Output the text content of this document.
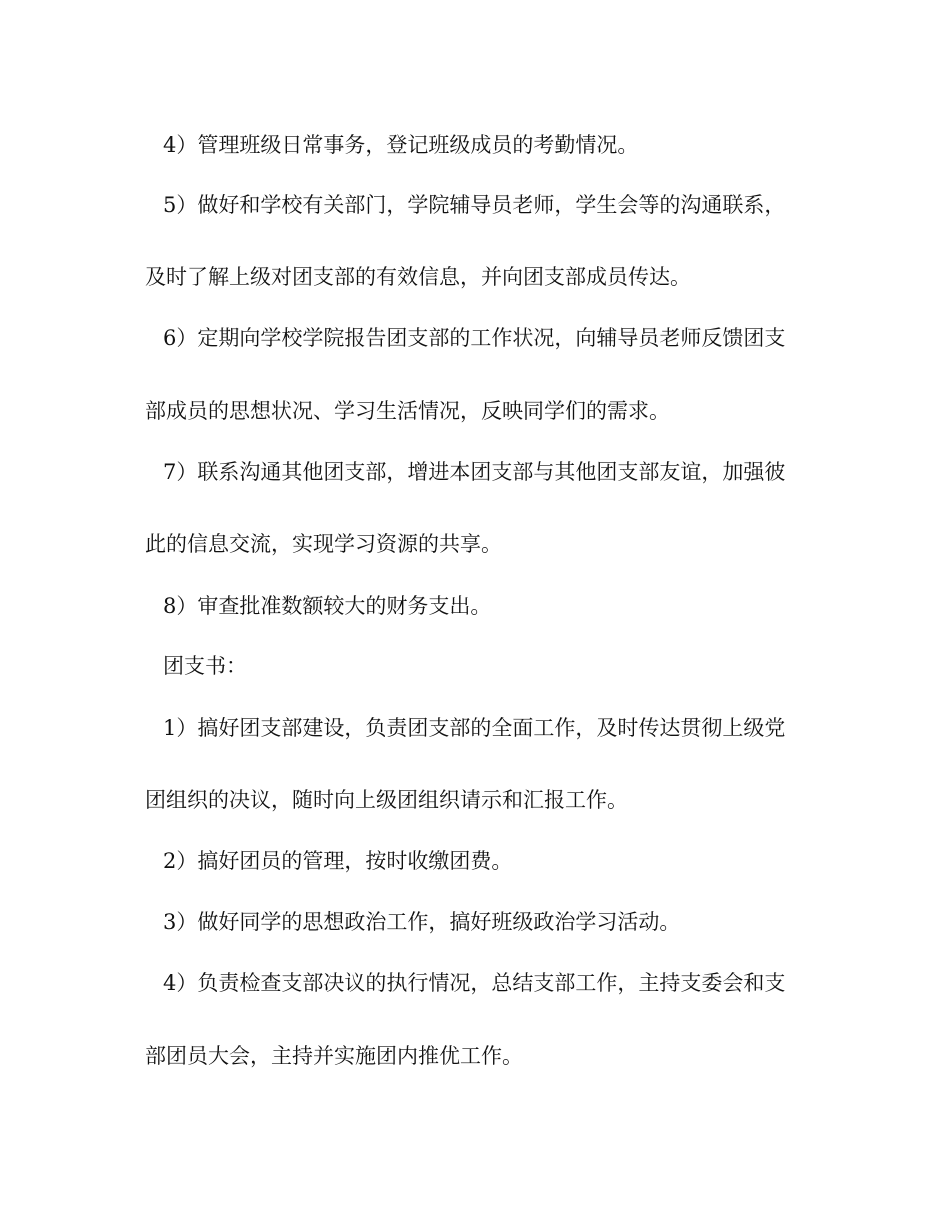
4）管理班级日常事务，登记班级成员的考勤情况。
5）做好和学校有关部门，学院辅导员老师，学生会等的沟通联系，
及时了解上级对团支部的有效信息，并向团支部成员传达。
6）定期向学校学院报告团支部的工作状况，向辅导员老师反馈团支
部成员的思想状况、学习生活情况，反映同学们的需求。
7）联系沟通其他团支部，增进本团支部与其他团支部友谊，加强彼
此的信息交流，实现学习资源的共享。
8）审查批准数额较大的财务支出。
团支书：
1）搞好团支部建设，负责团支部的全面工作，及时传达贯彻上级党
团组织的决议，随时向上级团组织请示和汇报工作。
2）搞好团员的管理，按时收缴团费。
3）做好同学的思想政治工作，搞好班级政治学习活动。
4）负责检查支部决议的执行情况，总结支部工作，主持支委会和支
部团员大会，主持并实施团内推优工作。
